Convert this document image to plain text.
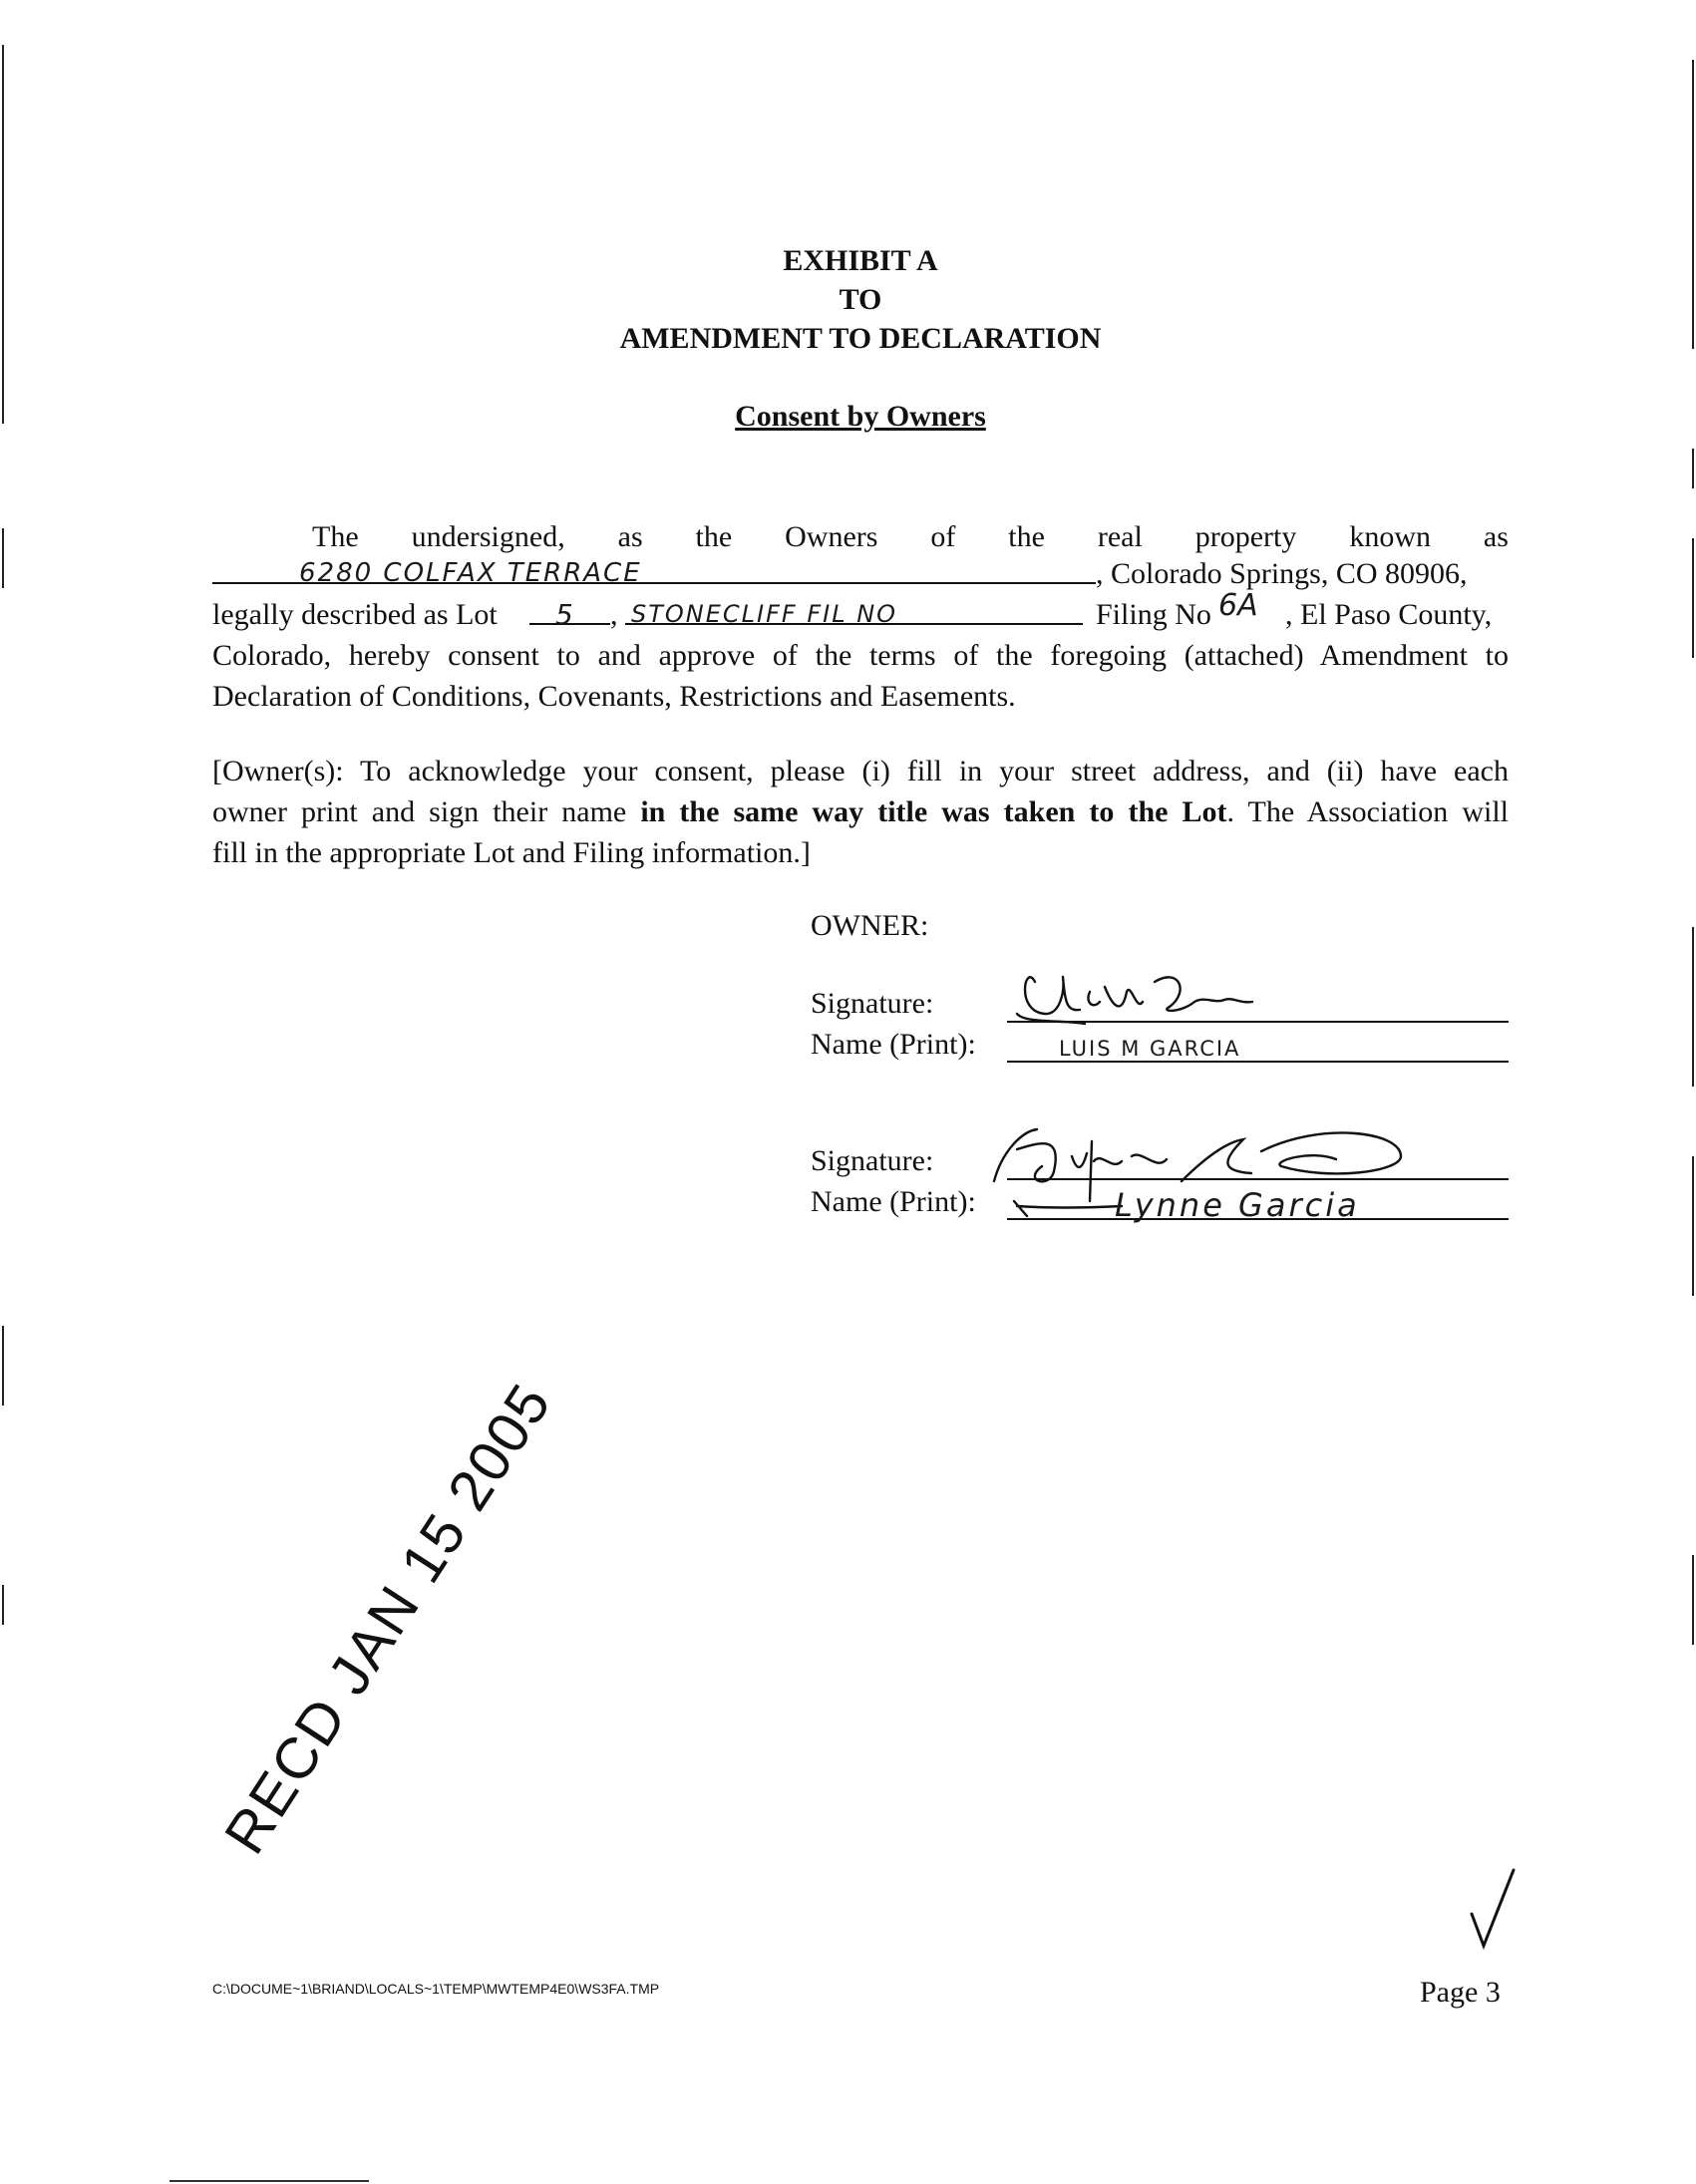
EXHIBIT A
TO
AMENDMENT TO DECLARATION
Consent by Owners
The undersigned, as the Owners of the real property known as
6280 COLFAX TERRACE	, Colorado Springs, CO 80906,
legally described as Lot 5 , STONECLIFF FIL NO	Filing No 6A , El Paso County,
Colorado, hereby consent to and approve of the terms of the foregoing (attached) Amendment to
Declaration of Conditions, Covenants, Restrictions and Easements.
[Owner(s): To acknowledge your consent, please (i) fill in your street address, and (ii) have each
owner print and sign their name in the same way title was taken to the Lot. The Association will
fill in the appropriate Lot and Filing information.]
OWNER:
Signature:
Name (Print):	LUIS M GARCIA
Signature:
Name (Print):	Lynne Garcia
RECD JAN 15 2005
C:\DOCUME~1\BRIAND\LOCALS~1\TEMP\MWTEMP4E0\WS3FA.TMP	Page 3
